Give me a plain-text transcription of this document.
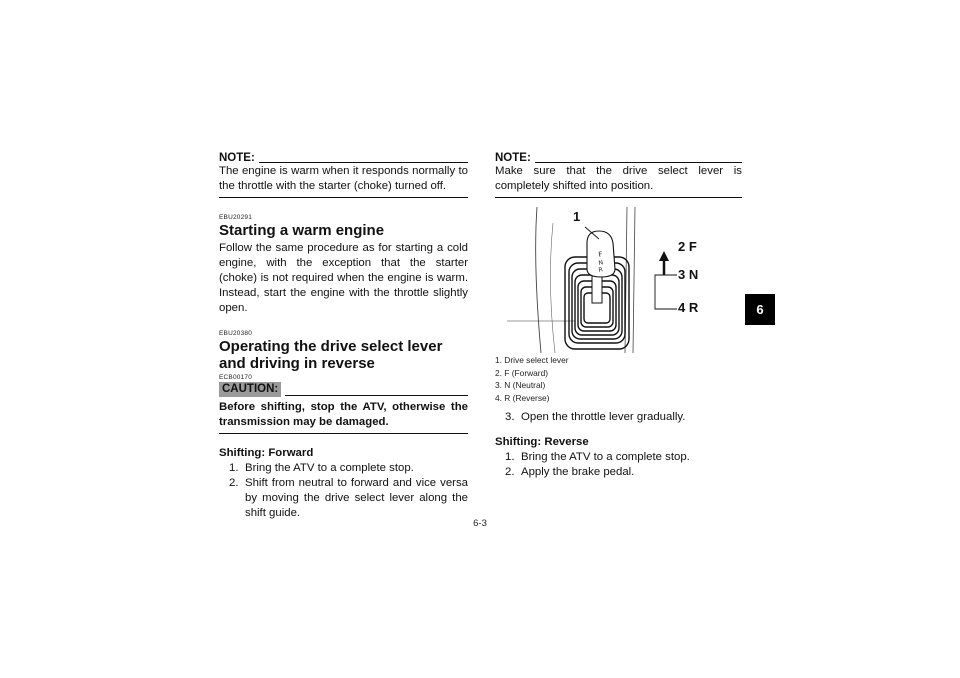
NOTE:

The engine is warm when it responds normally to the throttle with the starter (choke) turned off.

EBU20291
Starting a warm engine

Follow the same procedure as for starting a cold engine, with the exception that the starter (choke) is not required when the engine is warm. Instead, start the engine with the throttle slightly open.

EBU20380
Operating the drive select lever and driving in reverse
ECB00170
CAUTION:

Before shifting, stop the ATV, otherwise the transmission may be damaged.

Shifting: Forward
1. Bring the ATV to a complete stop.
2. Shift from neutral to forward and vice versa by moving the drive select lever along the shift guide.
NOTE:

Make sure that the drive select lever is completely shifted into position.

F
N
R
1
2 F
3 N
4 R
1. Drive select lever
2. F (Forward)
3. N (Neutral)
4. R (Reverse)
3. Open the throttle lever gradually.
Shifting: Reverse
1. Bring the ATV to a complete stop.
2. Apply the brake pedal.
6
6-3
